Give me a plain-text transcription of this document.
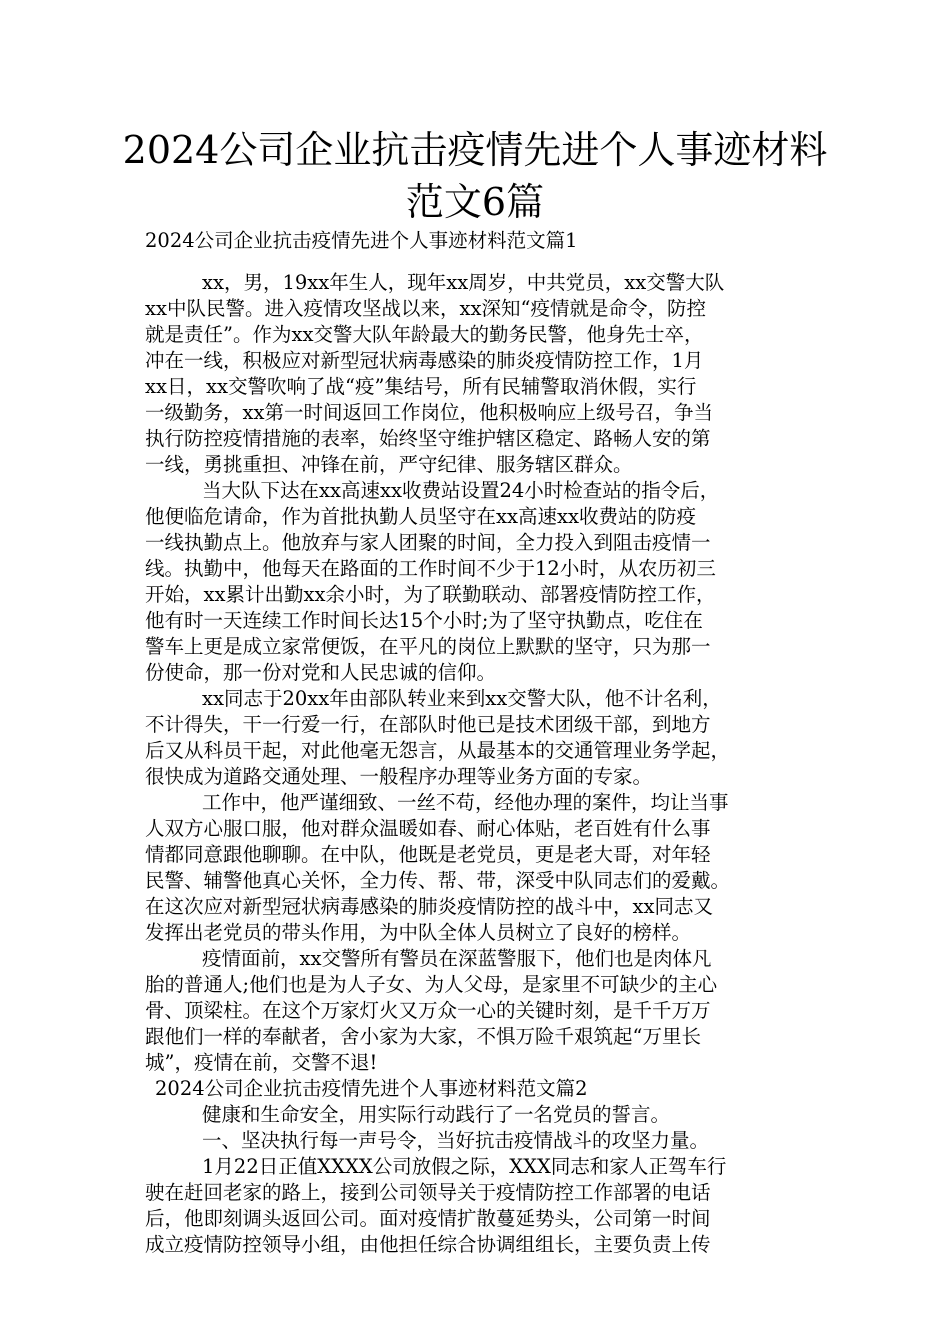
2024公司企业抗击疫情先进个人事迹材料
范文6篇
2024公司企业抗击疫情先进个人事迹材料范文篇1
xx，男，19xx年生人，现年xx周岁，中共党员，xx交警大队
xx中队民警。进入疫情攻坚战以来，xx深知“疫情就是命令，防控
就是责任”。作为xx交警大队年龄最大的勤务民警，他身先士卒，
冲在一线，积极应对新型冠状病毒感染的肺炎疫情防控工作，1月
xx日，xx交警吹响了战“疫”集结号，所有民辅警取消休假，实行
一级勤务，xx第一时间返回工作岗位，他积极响应上级号召，争当
执行防控疫情措施的表率，始终坚守维护辖区稳定、路畅人安的第
一线，勇挑重担、冲锋在前，严守纪律、服务辖区群众。
当大队下达在xx高速xx收费站设置24小时检查站的指令后，
他便临危请命，作为首批执勤人员坚守在xx高速xx收费站的防疫
一线执勤点上。他放弃与家人团聚的时间，全力投入到阻击疫情一
线。执勤中，他每天在路面的工作时间不少于12小时，从农历初三
开始，xx累计出勤xx余小时，为了联勤联动、部署疫情防控工作，
他有时一天连续工作时间长达15个小时;为了坚守执勤点，吃住在
警车上更是成立家常便饭，在平凡的岗位上默默的坚守，只为那一
份使命，那一份对党和人民忠诚的信仰。
xx同志于20xx年由部队转业来到xx交警大队，他不计名利，
不计得失，干一行爱一行，在部队时他已是技术团级干部，到地方
后又从科员干起，对此他毫无怨言，从最基本的交通管理业务学起，
很快成为道路交通处理、一般程序办理等业务方面的专家。
工作中，他严谨细致、一丝不苟，经他办理的案件，均让当事
人双方心服口服，他对群众温暖如春、耐心体贴，老百姓有什么事
情都同意跟他聊聊。在中队，他既是老党员，更是老大哥，对年轻
民警、辅警他真心关怀，全力传、帮、带，深受中队同志们的爱戴。
在这次应对新型冠状病毒感染的肺炎疫情防控的战斗中，xx同志又
发挥出老党员的带头作用，为中队全体人员树立了良好的榜样。
疫情面前，xx交警所有警员在深蓝警服下，他们也是肉体凡
胎的普通人;他们也是为人子女、为人父母，是家里不可缺少的主心
骨、顶梁柱。在这个万家灯火又万众一心的关键时刻，是千千万万
跟他们一样的奉献者，舍小家为大家，不惧万险千艰筑起“万里长
城”，疫情在前，交警不退!
2024公司企业抗击疫情先进个人事迹材料范文篇2
健康和生命安全，用实际行动践行了一名党员的誓言。
一、坚决执行每一声号令，当好抗击疫情战斗的攻坚力量。
1月22日正值XXXX公司放假之际，XXX同志和家人正驾车行
驶在赶回老家的路上，接到公司领导关于疫情防控工作部署的电话
后，他即刻调头返回公司。面对疫情扩散蔓延势头，公司第一时间
成立疫情防控领导小组，由他担任综合协调组组长，主要负责上传
